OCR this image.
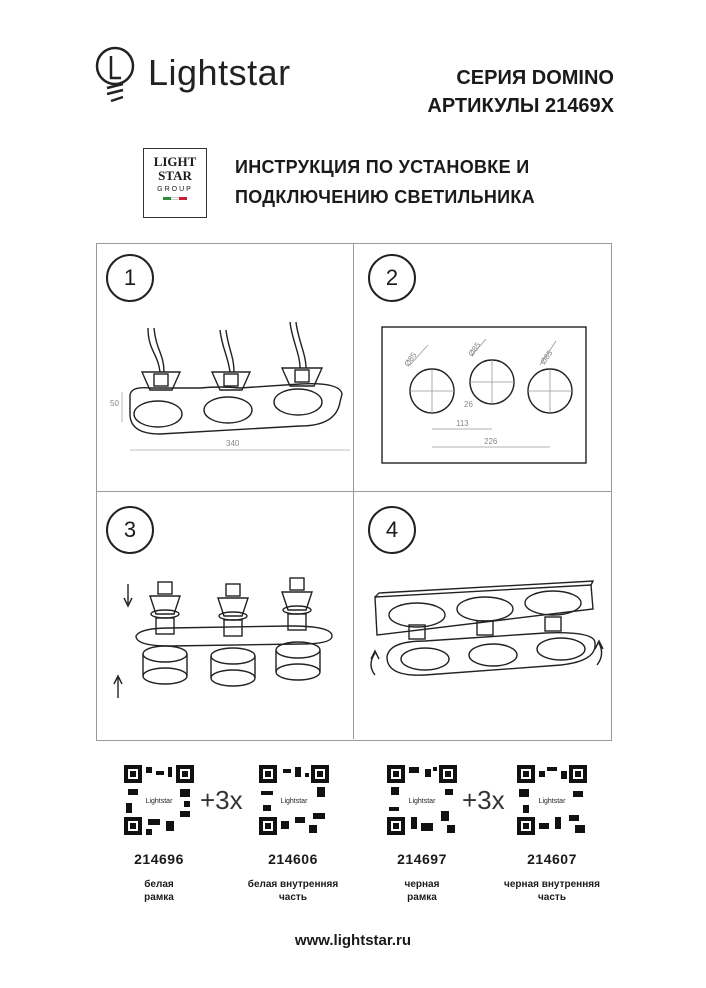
Lightstar	СЕРИЯ DOMINO
АРТИКУЛЫ 21469X
LIGHT
STAR
GROUP
ИНСТРУКЦИЯ ПО УСТАНОВКЕ И
ПОДКЛЮЧЕНИЮ СВЕТИЛЬНИКА
1	2
3	4
50
340
Ø85
Ø85	Ø85
26
113
226
Lightstar +3x	Lightstar	Lightstar +3x	Lightstar
214696
белая
рамка
214606
белая внутренняя
часть
214697
черная
рамка
214607
черная внутренняя
часть
www.lightstar.ru
